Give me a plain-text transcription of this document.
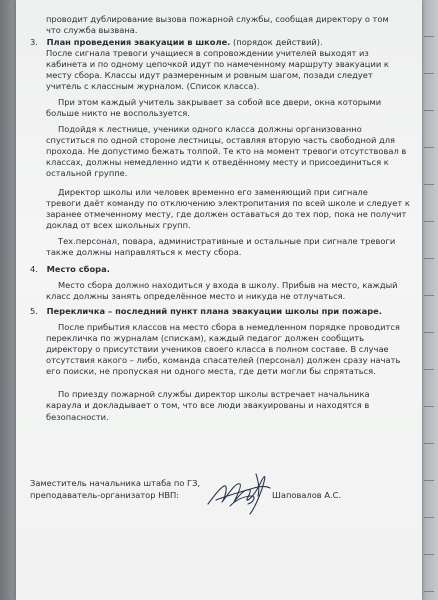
проводит дублирование вызова пожарной службы, сообщая директору о том
что служба вызвана.
3. План проведения эвакуации в школе. (порядок действий).
После сигнала тревоги учащиеся в сопровождении учителей выходят из
кабинета и по одному цепочкой идут по намеченному маршруту эвакуации к
месту сбора. Классы идут размеренным и ровным шагом, позади следует
учитель с классным журналом. (Список класса).
При этом каждый учитель закрывает за собой все двери, окна которыми
больше никто не воспользуется.
Подойдя к лестнице, ученики одного класса должны организованно
спуститься по одной стороне лестницы, оставляя вторую часть свободной для
прохода. Не допустимо бежать толпой. Те кто на момент тревоги отсутствовал в
классах, должны немедленно идти к отведённому месту и присоединиться к
остальной группе.
Директор школы или человек временно его заменяющий при сигнале
тревоги даёт команду по отключению электропитания по всей школе и следует к
заранее отмеченному месту, где должен оставаться до тех пор, пока не получит
доклад от всех школьных групп.
Тех.персонал, повара, административные и остальные при сигнале тревоги
также должны направляться к месту сбора.
4. Место сбора.
Место сбора должно находиться у входа в школу. Прибыв на место, каждый
класс должны занять определённое место и никуда не отлучаться.
5. Перекличка – последний пункт плана эвакуации школы при пожаре.
После прибытия классов на место сбора в немедленном порядке проводится
перекличка по журналам (спискам), каждый педагог должен сообщить
директору о присутствии учеников своего класса в полном составе. В случае
отсутствия какого – либо, команда спасателей (персонал) должен сразу начать
его поиски, не пропуская ни одного места, где дети могли бы спрятаться.
По приезду пожарной службы директор школы встречает начальника
караула и докладывает о том, что все люди эвакуированы и находятся в
безопасности.
Заместитель начальника штаба по ГЗ,
преподаватель-организатор НВП:	Шаповалов А.С.
